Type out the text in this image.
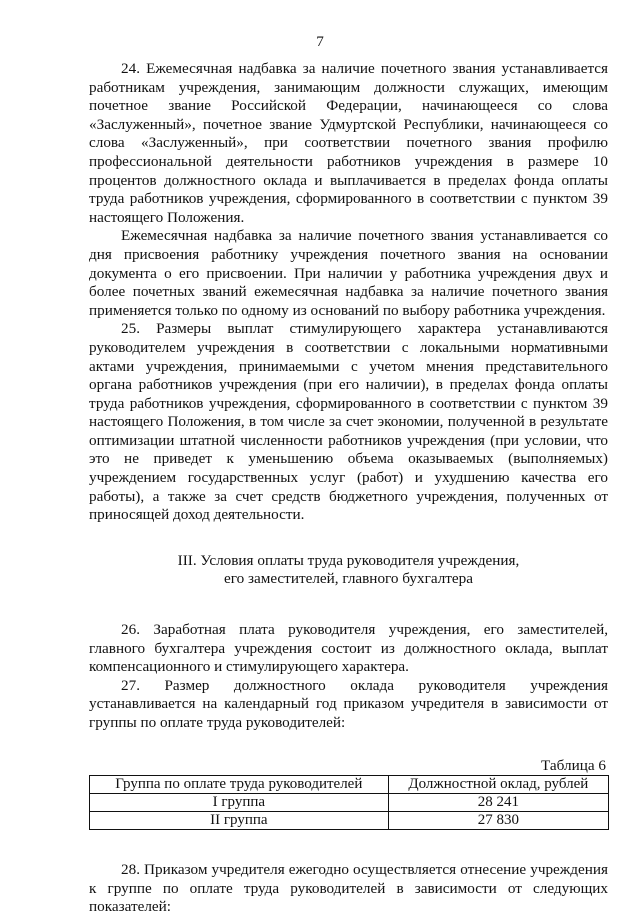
7

24. Ежемесячная надбавка за наличие почетного звания устанавливается работникам учреждения, занимающим должности служащих, имеющим почетное звание Российской Федерации, начинающееся со слова «Заслуженный», почетное звание Удмуртской Республики, начинающееся со слова «Заслуженный», при соответствии почетного звания профилю профессиональной деятельности работников учреждения в размере 10 процентов должностного оклада и выплачивается в пределах фонда оплаты труда работников учреждения, сформированного в соответствии с пунктом 39 настоящего Положения.

Ежемесячная надбавка за наличие почетного звания устанавливается со дня присвоения работнику учреждения почетного звания на основании документа о его присвоении. При наличии у работника учреждения двух и более почетных званий ежемесячная надбавка за наличие почетного звания применяется только по одному из оснований по выбору работника учреждения.

25. Размеры выплат стимулирующего характера устанавливаются руководителем учреждения в соответствии с локальными нормативными актами учреждения, принимаемыми с учетом мнения представительного органа работников учреждения (при его наличии), в пределах фонда оплаты труда работников учреждения, сформированного в соответствии с пунктом 39 настоящего Положения, в том числе за счет экономии, полученной в результате оптимизации штатной численности работников учреждения (при условии, что это не приведет к уменьшению объема оказываемых (выполняемых) учреждением государственных услуг (работ) и ухудшению качества его работы), а также за счет средств бюджетного учреждения, полученных от приносящей доход деятельности.

III. Условия оплаты труда руководителя учреждения,
его заместителей, главного бухгалтера

26. Заработная плата руководителя учреждения, его заместителей, главного бухгалтера учреждения состоит из должностного оклада, выплат компенсационного и стимулирующего характера.

27. Размер должностного оклада руководителя учреждения устанавливается на календарный год приказом учредителя в зависимости от группы по оплате труда руководителей:

Таблица 6

Группа по оплате труда руководителей	Должностной оклад, рублей
I группа	28 241
II группа	27 830

28. Приказом учредителя ежегодно осуществляется отнесение учреждения к группе по оплате труда руководителей в зависимости от следующих показателей:
